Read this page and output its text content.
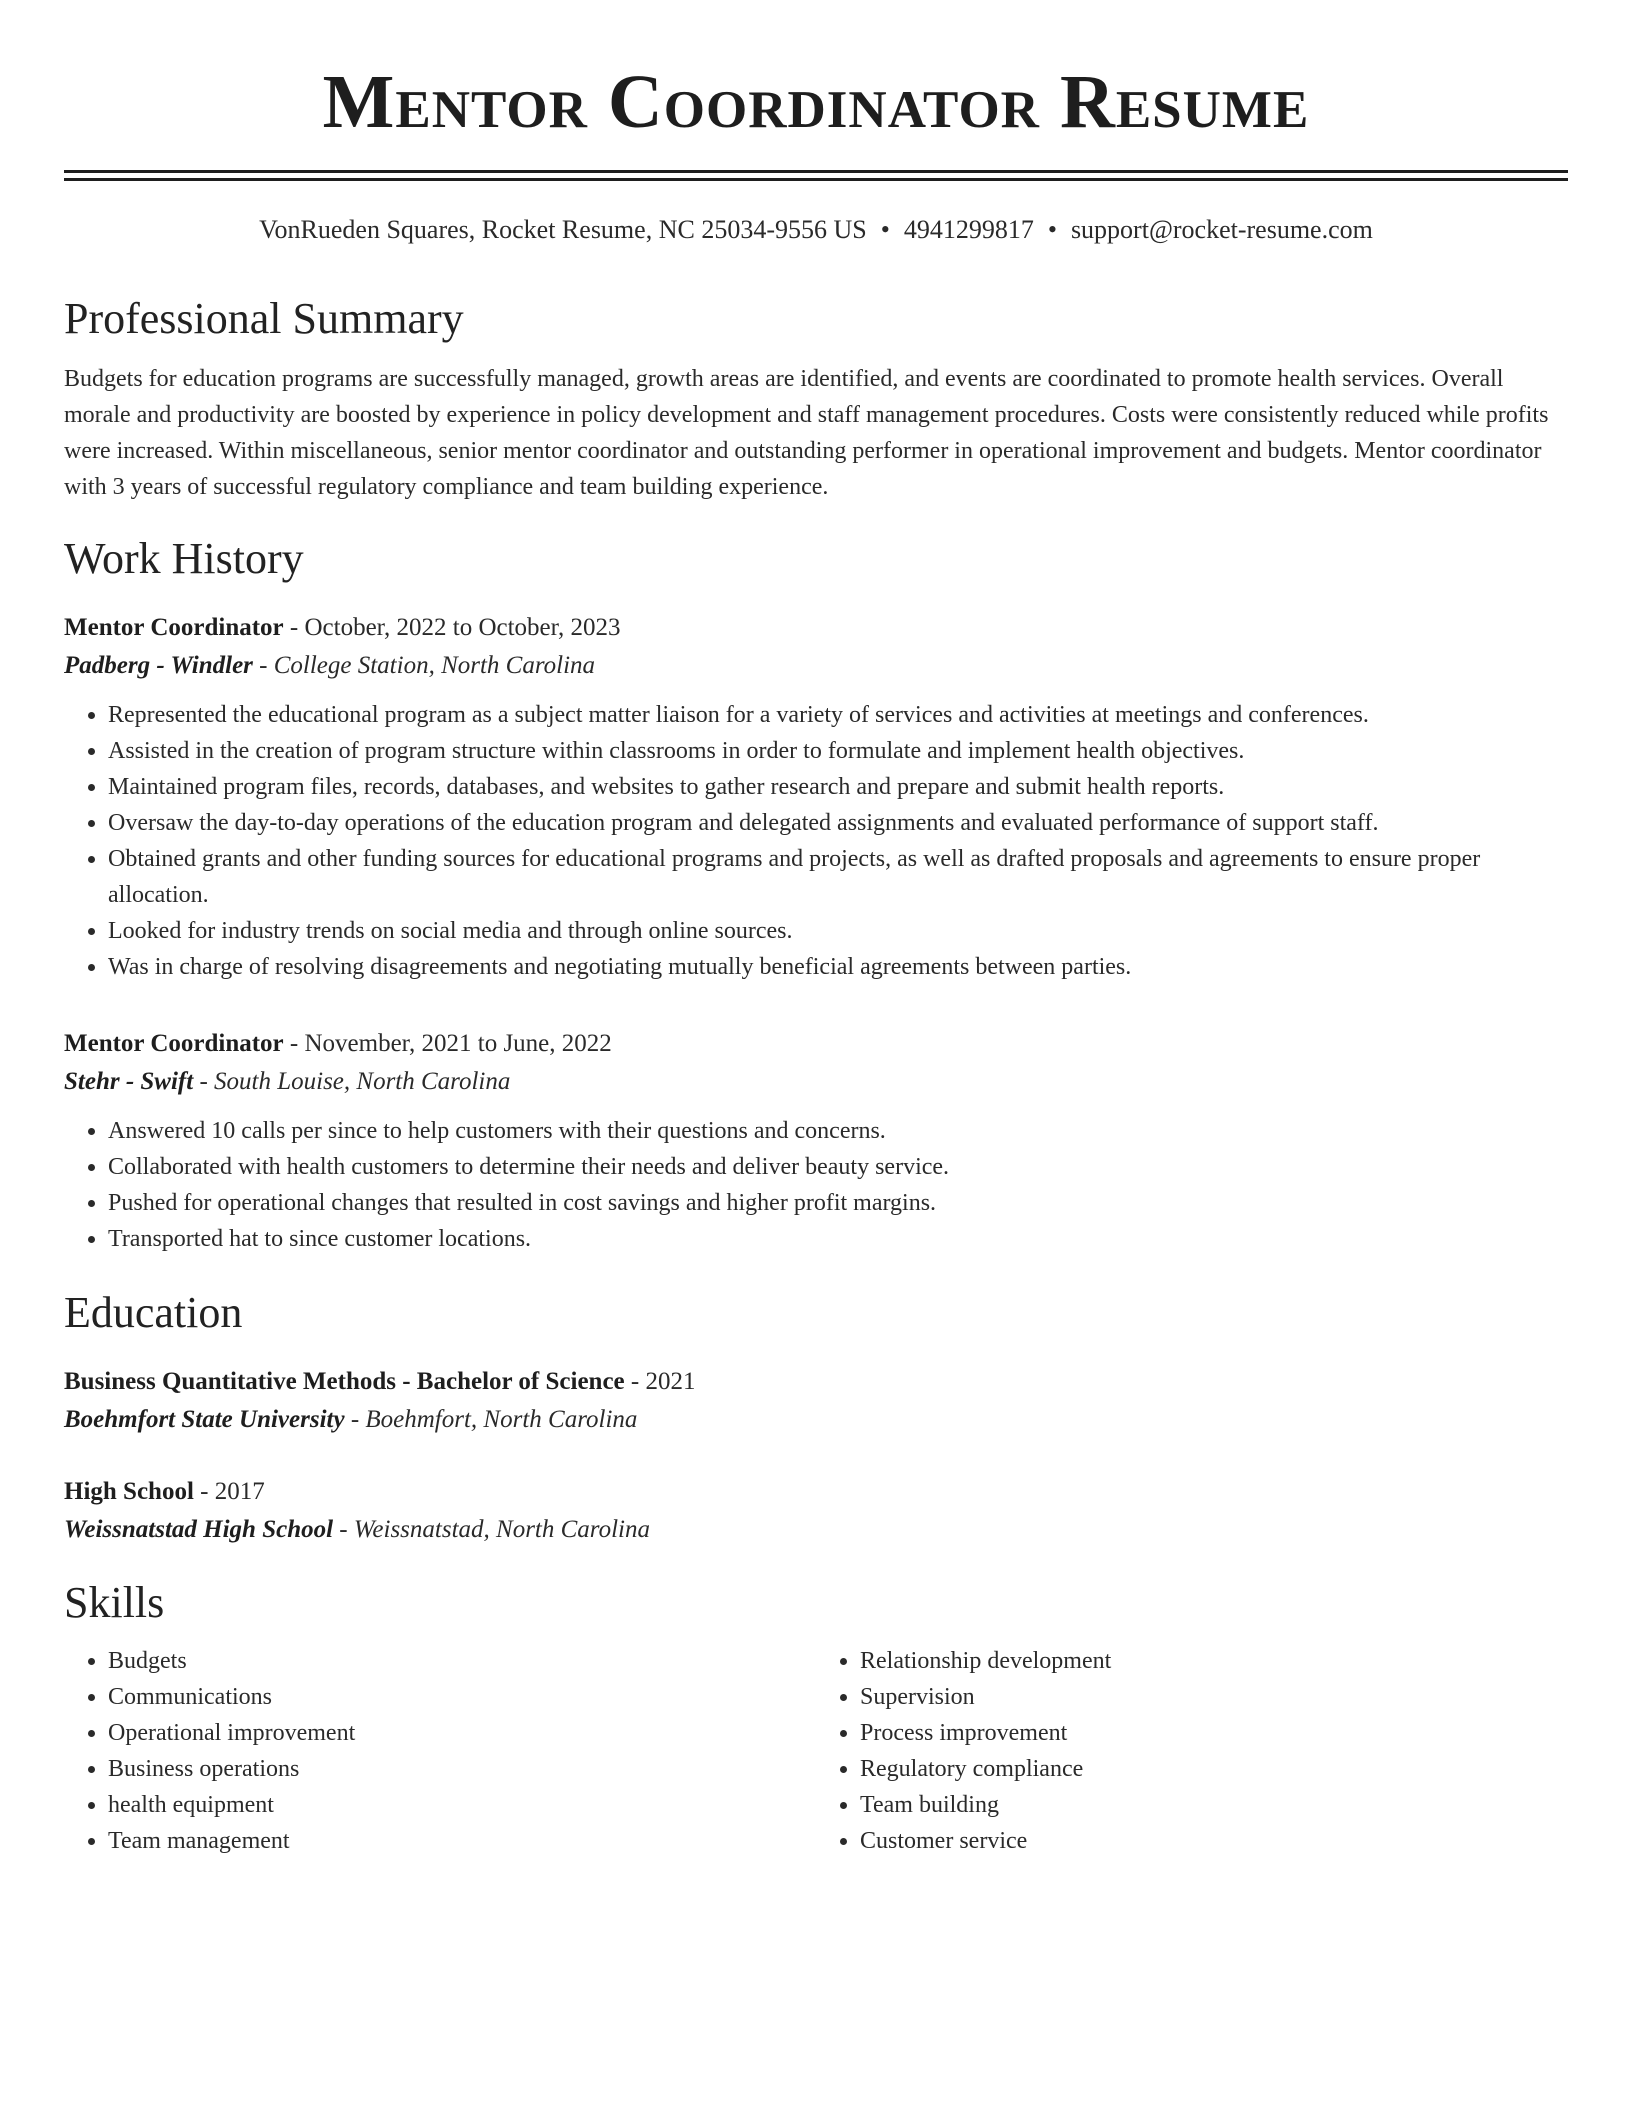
Mentor Coordinator Resume
VonRueden Squares, Rocket Resume, NC 25034-9556 US • 4941299817 • support@rocket-resume.com
Professional Summary

Budgets for education programs are successfully managed, growth areas are identified, and events are coordinated to promote health services. Overall morale and productivity are boosted by experience in policy development and staff management procedures. Costs were consistently reduced while profits were increased. Within miscellaneous, senior mentor coordinator and outstanding performer in operational improvement and budgets. Mentor coordinator with 3 years of successful regulatory compliance and team building experience.

Work History
Mentor Coordinator - October, 2022 to October, 2023
Padberg - Windler - College Station, North Carolina
• Represented the educational program as a subject matter liaison for a variety of services and activities at meetings and conferences.
• Assisted in the creation of program structure within classrooms in order to formulate and implement health objectives.
• Maintained program files, records, databases, and websites to gather research and prepare and submit health reports.
• Oversaw the day-to-day operations of the education program and delegated assignments and evaluated performance of support staff.
• Obtained grants and other funding sources for educational programs and projects, as well as drafted proposals and agreements to ensure proper allocation.
• Looked for industry trends on social media and through online sources.
• Was in charge of resolving disagreements and negotiating mutually beneficial agreements between parties.
Mentor Coordinator - November, 2021 to June, 2022
Stehr - Swift - South Louise, North Carolina
• Answered 10 calls per since to help customers with their questions and concerns.
• Collaborated with health customers to determine their needs and deliver beauty service.
• Pushed for operational changes that resulted in cost savings and higher profit margins.
• Transported hat to since customer locations.
Education
Business Quantitative Methods - Bachelor of Science - 2021
Boehmfort State University - Boehmfort, North Carolina
High School - 2017
Weissnatstad High School - Weissnatstad, North Carolina
Skills
• Budgets
• Communications
• Operational improvement
• Business operations
• health equipment
• Team management
• Relationship development
• Supervision
• Process improvement
• Regulatory compliance
• Team building
• Customer service
